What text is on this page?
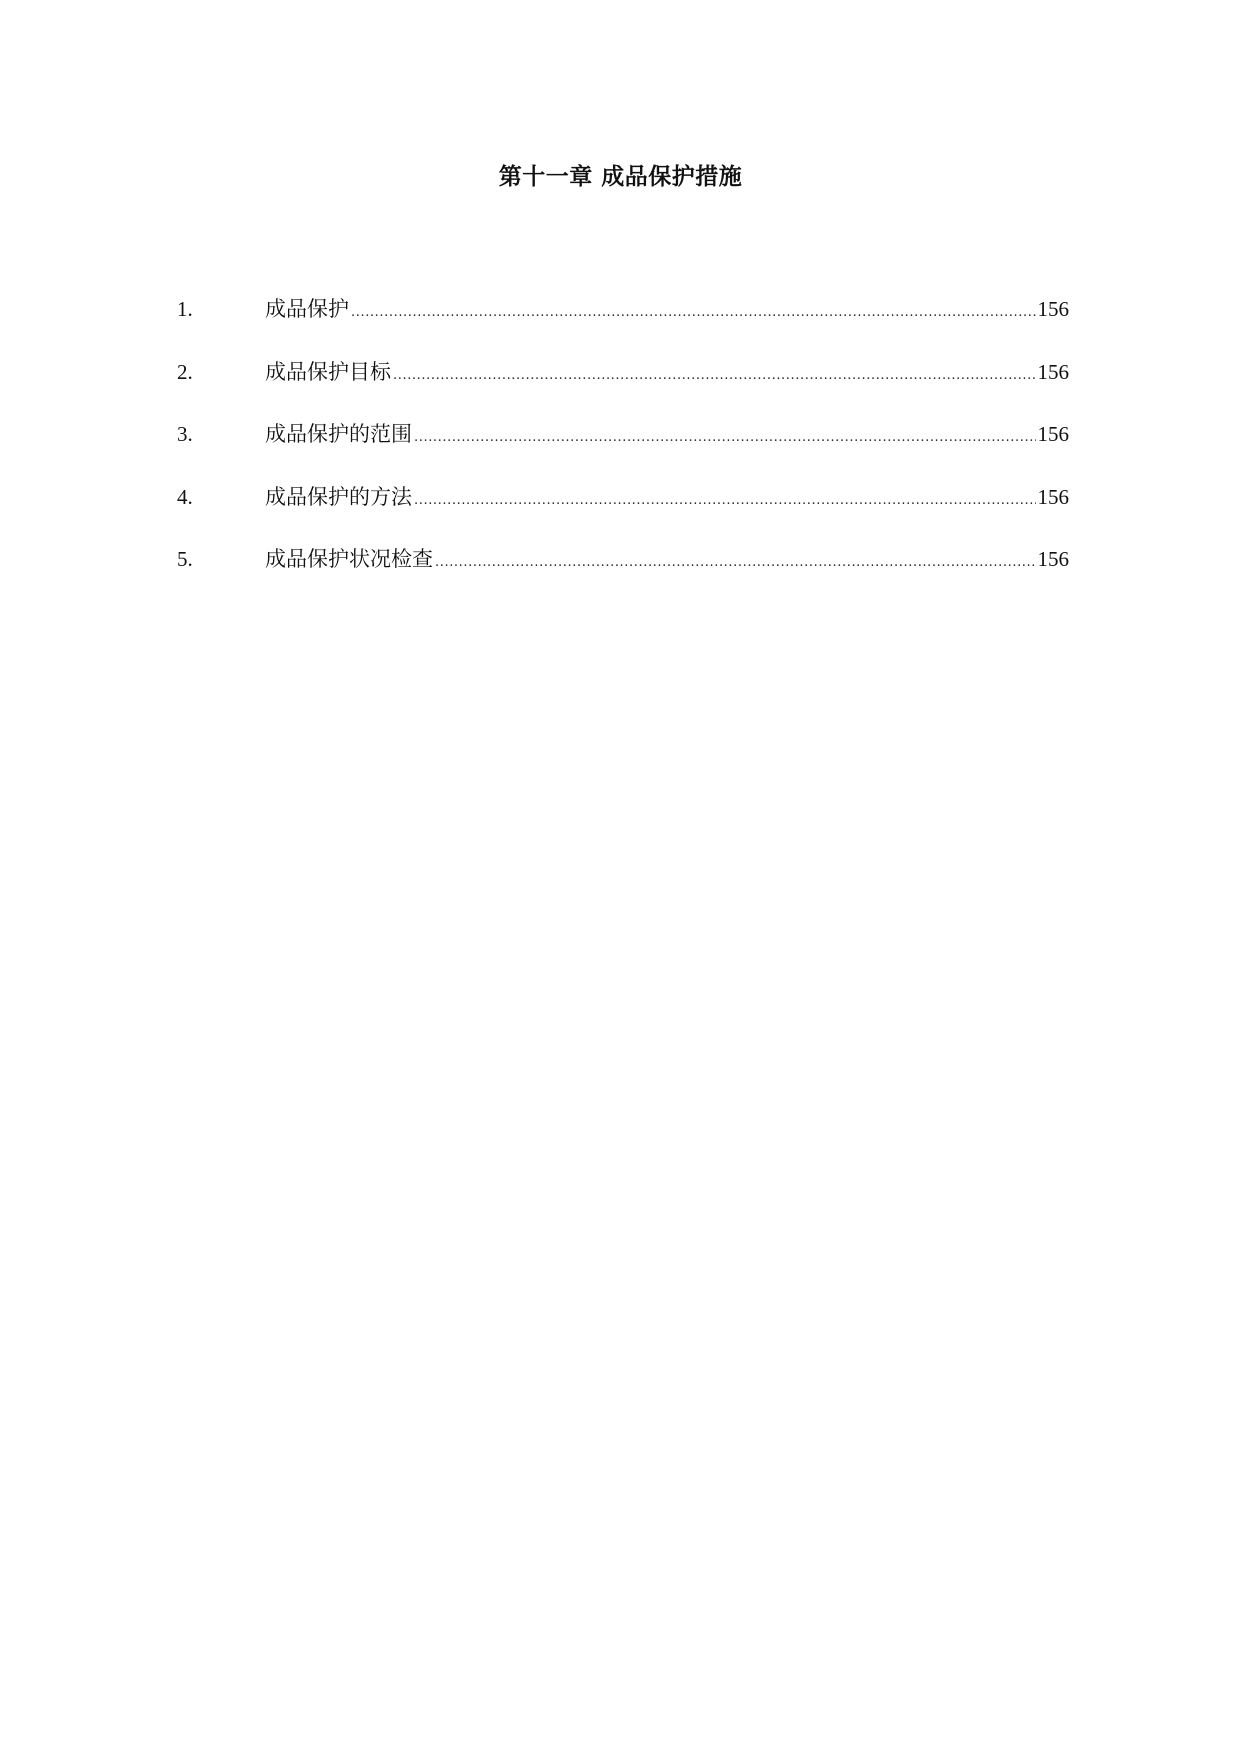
第十一章 成品保护措施
1.	成品保护 .....	156
2.	成品保护目标 .....	156
3.	成品保护的范围 .....	156
4.	成品保护的方法 .....	156
5.	成品保护状况检查 .....	156
